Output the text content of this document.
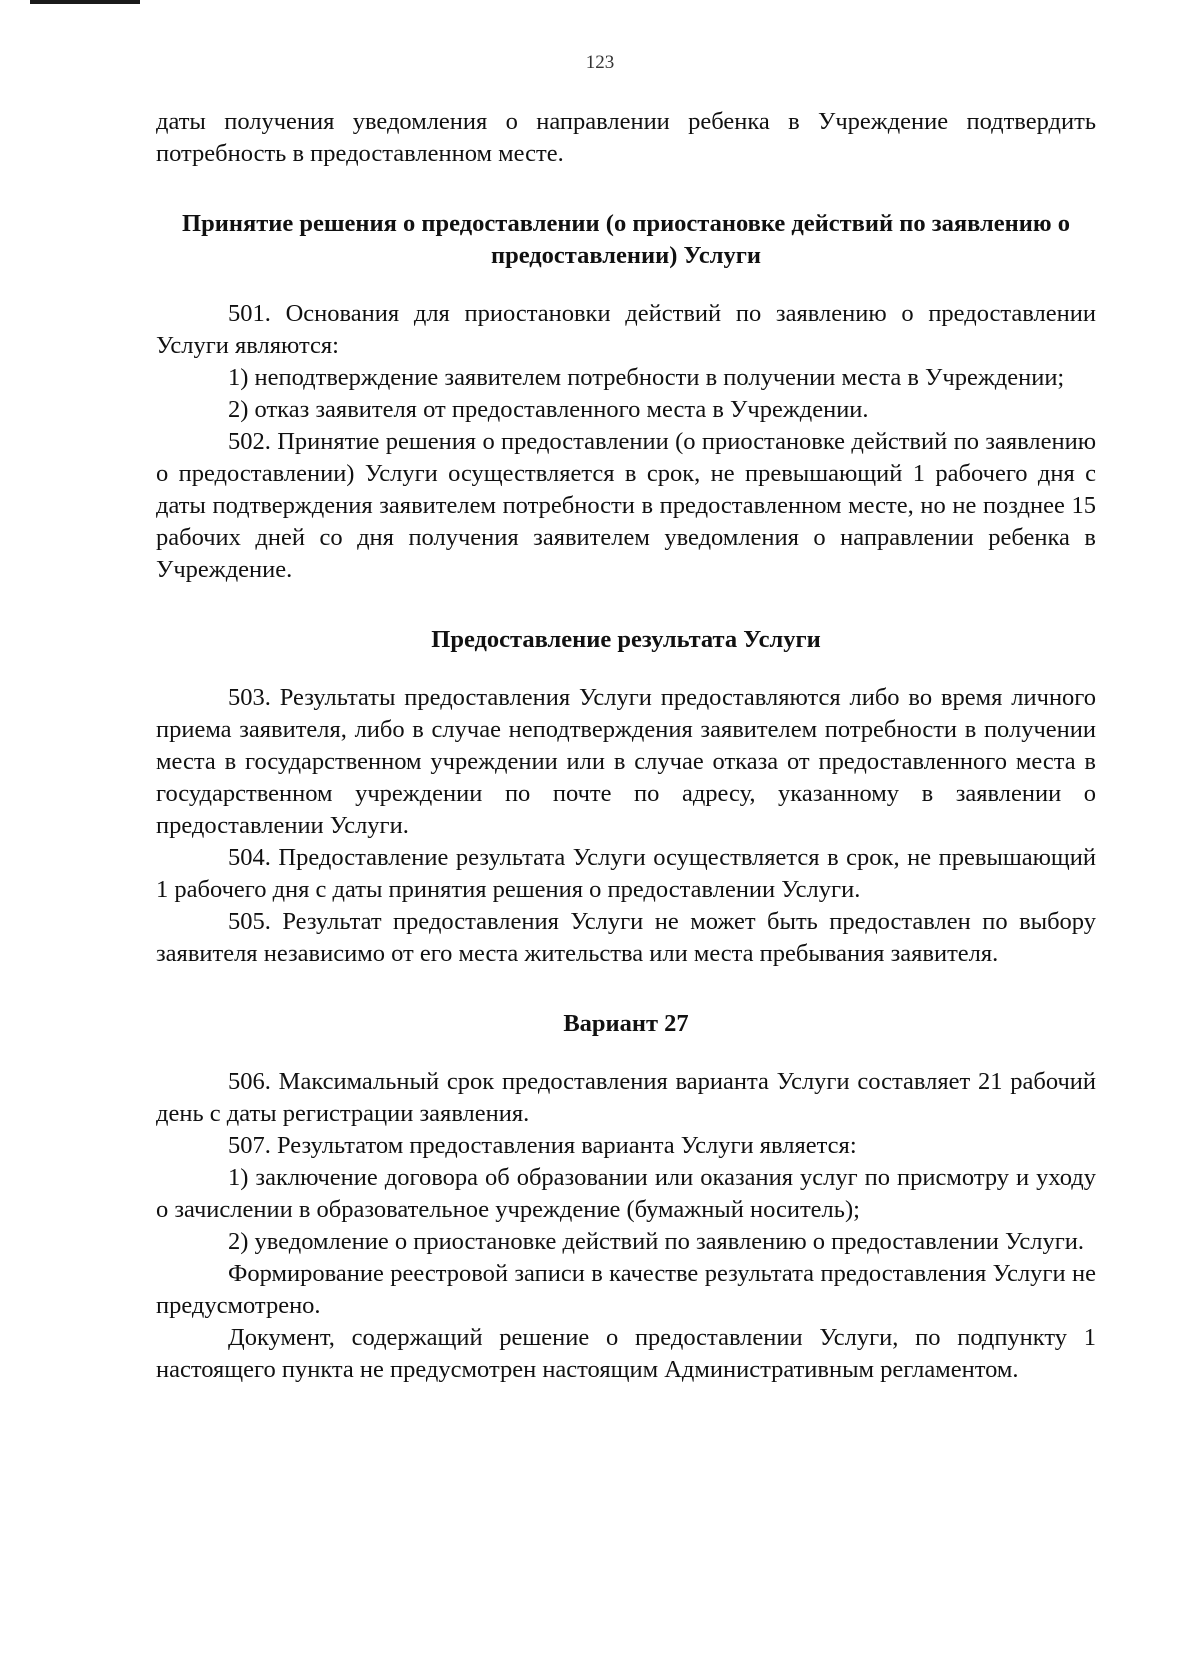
123

даты получения уведомления о направлении ребенка в Учреждение подтвердить потребность в предоставленном месте.

Принятие решения о предоставлении (о приостановке действий по заявлению о предоставлении) Услуги

501. Основания для приостановки действий по заявлению о предоставлении Услуги являются:

1) неподтверждение заявителем потребности в получении места в Учреждении;

2) отказ заявителя от предоставленного места в Учреждении.

502. Принятие решения о предоставлении (о приостановке действий по заявлению о предоставлении) Услуги осуществляется в срок, не превышающий 1 рабочего дня с даты подтверждения заявителем потребности в предоставленном месте, но не позднее 15 рабочих дней со дня получения заявителем уведомления о направлении ребенка в Учреждение.

Предоставление результата Услуги

503. Результаты предоставления Услуги предоставляются либо во время личного приема заявителя, либо в случае неподтверждения заявителем потребности в получении места в государственном учреждении или в случае отказа от предоставленного места в государственном учреждении по почте по адресу, указанному в заявлении о предоставлении Услуги.

504. Предоставление результата Услуги осуществляется в срок, не превышающий 1 рабочего дня с даты принятия решения о предоставлении Услуги.

505. Результат предоставления Услуги не может быть предоставлен по выбору заявителя независимо от его места жительства или места пребывания заявителя.

Вариант 27

506. Максимальный срок предоставления варианта Услуги составляет 21 рабочий день с даты регистрации заявления.

507. Результатом предоставления варианта Услуги является:

1) заключение договора об образовании или оказания услуг по присмотру и уходу о зачислении в образовательное учреждение (бумажный носитель);

2) уведомление о приостановке действий по заявлению о предоставлении Услуги.

Формирование реестровой записи в качестве результата предоставления Услуги не предусмотрено.

Документ, содержащий решение о предоставлении Услуги, по подпункту 1 настоящего пункта не предусмотрен настоящим Административным регламентом.
